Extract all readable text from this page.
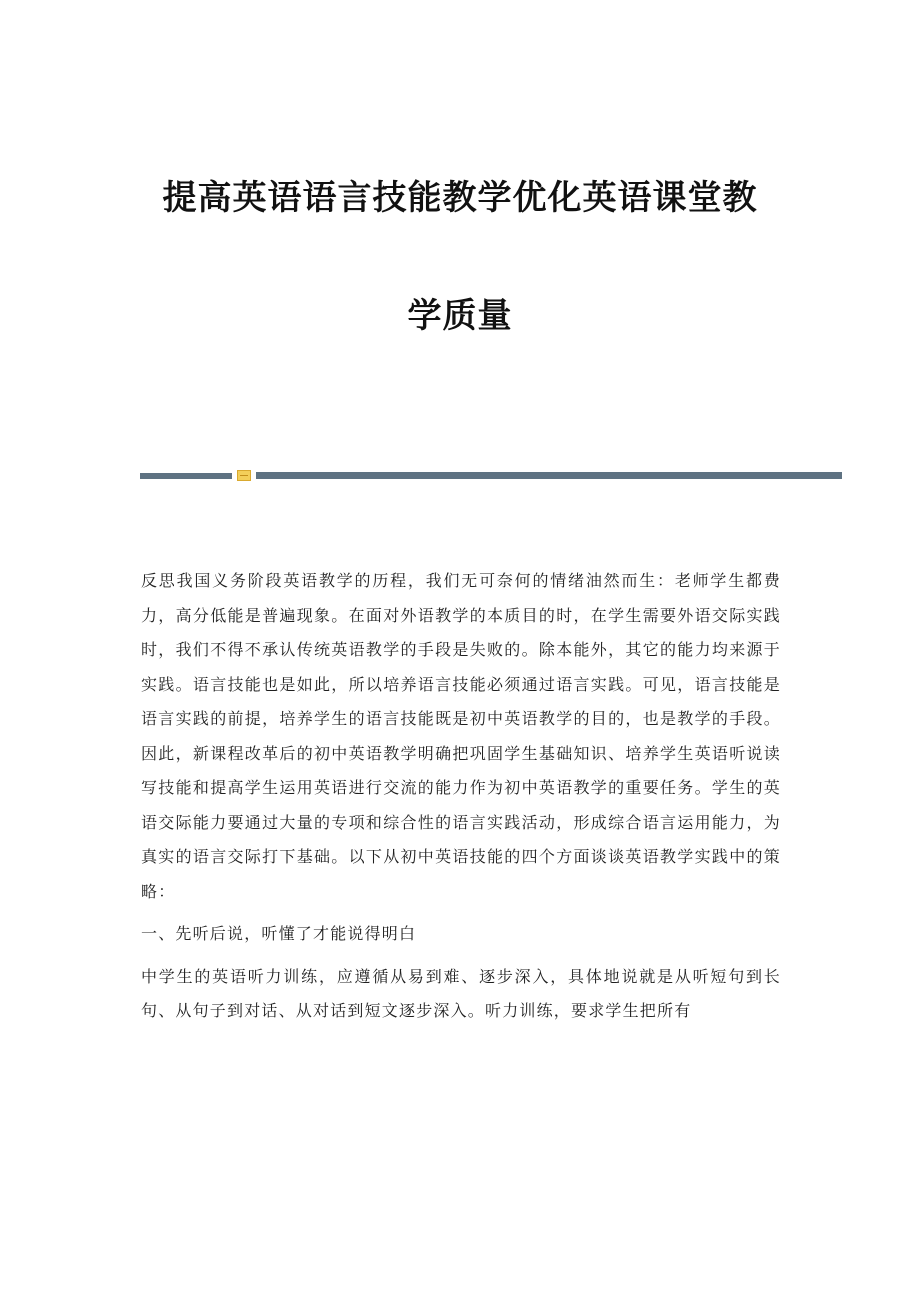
提高英语语言技能教学优化英语课堂教
学质量

反思我国义务阶段英语教学的历程，我们无可奈何的情绪油然而生：老师学生都费力，高分低能是普遍现象。在面对外语教学的本质目的时，在学生需要外语交际实践时，我们不得不承认传统英语教学的手段是失败的。除本能外，其它的能力均来源于实践。语言技能也是如此，所以培养语言技能必须通过语言实践。可见，语言技能是语言实践的前提，培养学生的语言技能既是初中英语教学的目的，也是教学的手段。因此，新课程改革后的初中英语教学明确把巩固学生基础知识、培养学生英语听说读写技能和提高学生运用英语进行交流的能力作为初中英语教学的重要任务。学生的英语交际能力要通过大量的专项和综合性的语言实践活动，形成综合语言运用能力，为真实的语言交际打下基础。以下从初中英语技能的四个方面谈谈英语教学实践中的策略：

一、先听后说，听懂了才能说得明白

中学生的英语听力训练，应遵循从易到难、逐步深入，具体地说就是从听短句到长句、从句子到对话、从对话到短文逐步深入。听力训练，要求学生把所有
